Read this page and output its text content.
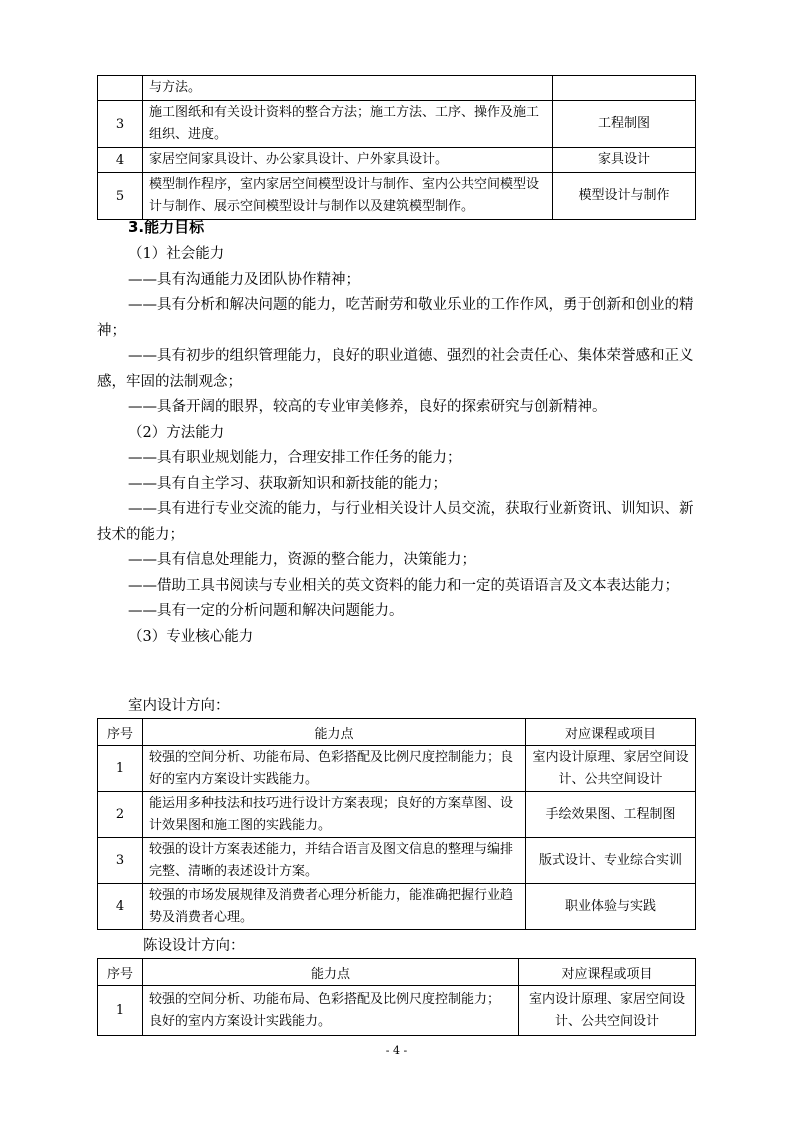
	与方法。	
3	施工图纸和有关设计资料的整合方法；施工方法、工序、操作及施工组织、进度。	工程制图
4	家居空间家具设计、办公家具设计、户外家具设计。	家具设计
5	模型制作程序，室内家居空间模型设计与制作、室内公共空间模型设计与制作、展示空间模型设计与制作以及建筑模型制作。	模型设计与制作
3.能力目标

（1）社会能力

——具有沟通能力及团队协作精神；

——具有分析和解决问题的能力，吃苦耐劳和敬业乐业的工作作风，勇于创新和创业的精神；

——具有初步的组织管理能力，良好的职业道德、强烈的社会责任心、集体荣誉感和正义感，牢固的法制观念；

——具备开阔的眼界，较高的专业审美修养，良好的探索研究与创新精神。

（2）方法能力

——具有职业规划能力，合理安排工作任务的能力；

——具有自主学习、获取新知识和新技能的能力；

——具有进行专业交流的能力，与行业相关设计人员交流，获取行业新资讯、训知识、新技术的能力；

——具有信息处理能力，资源的整合能力，决策能力；

——借助工具书阅读与专业相关的英文资料的能力和一定的英语语言及文本表达能力；

——具有一定的分析问题和解决问题能力。

（3）专业核心能力

室内设计方向：
序号	能力点	对应课程或项目
1	较强的空间分析、功能布局、色彩搭配及比例尺度控制能力；良好的室内方案设计实践能力。	室内设计原理、家居空间设计、公共空间设计
2	能运用多种技法和技巧进行设计方案表现；良好的方案草图、设计效果图和施工图的实践能力。	手绘效果图、工程制图
3	较强的设计方案表述能力，并结合语言及图文信息的整理与编排完整、清晰的表述设计方案。	版式设计、专业综合实训
4	较强的市场发展规律及消费者心理分析能力，能准确把握行业趋势及消费者心理。	职业体验与实践
陈设设计方向：
序号	能力点	对应课程或项目
1	较强的空间分析、功能布局、色彩搭配及比例尺度控制能力；良好的室内方案设计实践能力。	室内设计原理、家居空间设计、公共空间设计
- 4 -
